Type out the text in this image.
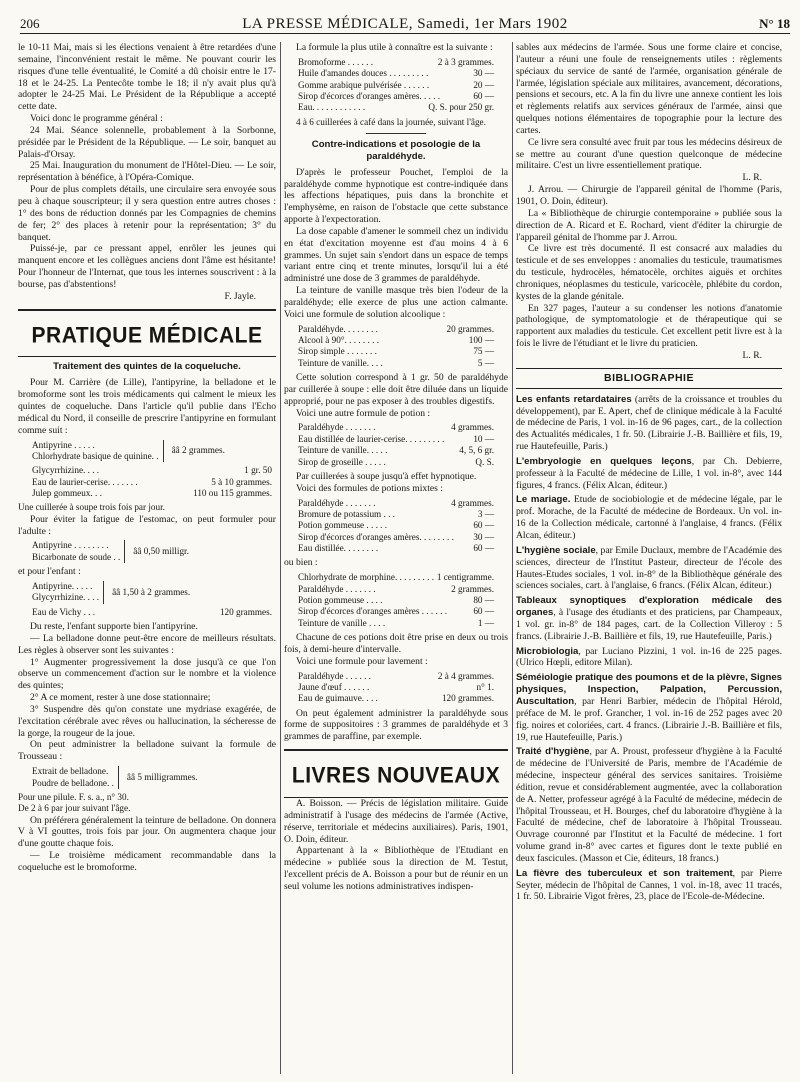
206	LA PRESSE MÉDICALE, Samedi, 1er Mars 1902	N° 18

le 10-11 Mai, mais si les élections venaient à être retardées d'une semaine, l'inconvénient restait le même. Ne pouvant courir les risques d'une telle éventualité, le Comité a dû choisir entre le 17-18 et le 24-25. La Pentecôte tombe le 18; il n'y avait plus qu'à adopter le 24-25 Mai. Le Président de la République a accepté cette date.

Voici donc le programme général :

24 Mai. Séance solennelle, probablement à la Sorbonne, présidée par le Président de la République. — Le soir, banquet au Palais-d'Orsay.

25 Mai. Inauguration du monument de l'Hôtel-Dieu. — Le soir, représentation à bénéfice, à l'Opéra-Comique.

Pour de plus complets détails, une circulaire sera envoyée sous peu à chaque souscripteur; il y sera question entre autres choses : 1° des bons de réduction donnés par les Compagnies de chemins de fer; 2° des places à retenir pour la représentation; 3° du banquet.

Puissé-je, par ce pressant appel, enrôler les jeunes qui manquent encore et les collègues anciens dont l'âme est hésitante! Pour l'honneur de l'Internat, que tous les internes souscrivent : à la bourse, pas d'abstentions!

F. Jayle.

PRATIQUE MÉDICALE
Traitement des quintes de la coqueluche.

Pour M. Carrière (de Lille), l'antipyrine, la belladone et le bromoforme sont les trois médicaments qui calment le mieux les quintes de coqueluche. Dans l'article qu'il publie dans l'Echo médical du Nord, il conseille de prescrire l'antipyrine en formulant comme suit :

Antipyrine . . . . .
Chlorhydrate basique de quinine. .
ââ 2 grammes.
Glycyrrhizine. . . .	1 gr. 50
Eau de laurier-cerise. . . . . . .	5 à 10 grammes.
Julep gommeux. . .	110 ou 115 grammes.

Une cuillerée à soupe trois fois par jour.

Pour éviter la fatigue de l'estomac, on peut formuler pour l'adulte :

Antipyrine . . . . . . . .
Bicarbonate de soude . .
ââ 0,50 milligr.

et pour l'enfant :

Antipyrine. . . . .
Glycyrrhizine. . . .
ââ 1,50 à 2 grammes.
Eau de Vichy . . .	120 grammes.

Du reste, l'enfant supporte bien l'antipyrine.

— La belladone donne peut-être encore de meilleurs résultats. Les règles à observer sont les suivantes :

1° Augmenter progressivement la dose jusqu'à ce que l'on observe un commencement d'action sur le nombre et la violence des quintes;

2° A ce moment, rester à une dose stationnaire;

3° Suspendre dès qu'on constate une mydriase exagérée, de l'excitation cérébrale avec rêves ou hallucination, la sécheresse de la gorge, la rougeur de la joue.

On peut administrer la belladone suivant la formule de Trousseau :

Extrait de belladone.
Poudre de belladone. .
ââ 5 milligrammes.

Pour une pilule. F. s. a., n° 30.

De 2 à 6 par jour suivant l'âge.

On préférera généralement la teinture de belladone. On donnera V à VI gouttes, trois fois par jour. On augmentera chaque jour d'une goutte chaque fois.

— Le troisième médicament recommandable dans la coqueluche est le bromoforme.

La formule la plus utile à connaître est la suivante :

Bromoforme . . . . . .	2 à 3 grammes.
Huile d'amandes douces . . . . . . . . .	30 —
Gomme arabique pulvérisée . . . . . .	20 —
Sirop d'écorces d'oranges amères. . . . .	60 —
Eau. . . . . . . . . . . .	Q. S. pour 250 gr.

4 à 6 cuillerées à café dans la journée, suivant l'âge.

Contre-indications et posologie de la paraldéhyde.

D'après le professeur Pouchet, l'emploi de la paraldéhyde comme hypnotique est contre-indiquée dans les affections hépatiques, puis dans la bronchite et l'emphysème, en raison de l'obstacle que cette substance apporte à l'expectoration.

La dose capable d'amener le sommeil chez un individu en état d'excitation moyenne est d'au moins 4 à 6 grammes. Un sujet sain s'endort dans un espace de temps variant entre cinq et trente minutes, lorsqu'il lui a été administré une dose de 3 grammes de paraldéhyde.

La teinture de vanille masque très bien l'odeur de la paraldéhyde; elle exerce de plus une action calmante. Voici une formule de solution alcoolique :

Paraldéhyde. . . . . . . .	20 grammes.
Alcool à 90°. . . . . . . .	100 —
Sirop simple . . . . . . .	75 —
Teinture de vanille. . . .	5 —

Cette solution correspond à 1 gr. 50 de paraldéhyde par cuillerée à soupe : elle doit être diluée dans un liquide approprié, pour ne pas exposer à des troubles digestifs.

Voici une autre formule de potion :

Paraldéhyde . . . . . . .	4 grammes.
Eau distillée de laurier-cerise. . . . . . . . .	10 —
Teinture de vanille. . . . .	4, 5, 6 gr.
Sirop de groseille . . . . .	Q. S.

Par cuillerées à soupe jusqu'à effet hypnotique.

Voici des formules de potions mixtes :

Paraldéhyde . . . . . . .	4 grammes.
Bromure de potassium . . .	3 —
Potion gommeuse . . . . .	60 —
Sirop d'écorces d'oranges amères. . . . . . . . 30 —
Eau distillée. . . . . . . .	60 —

ou bien :

Chlorhydrate de morphine. . . . . . . . . 1 centigramme.
Paraldéhyde . . . . . . .	2 grammes.
Potion gommeuse . . . .	80 —
Sirop d'écorces d'oranges amères . . . . . .	60 —
Teinture de vanille . . . .	1 —

Chacune de ces potions doit être prise en deux ou trois fois, à demi-heure d'intervalle.

Voici une formule pour lavement :

Paraldéhyde . . . . . .	2 à 4 grammes.
Jaune d'œuf . . . . . .	n° 1.
Eau de guimauve. . . .	120 grammes.

On peut également administrer la paraldéhyde sous forme de suppositoires : 3 grammes de paraldéhyde et 3 grammes de paraffine, par exemple.

LIVRES NOUVEAUX

A. Boisson. — Précis de législation militaire. Guide administratif à l'usage des médecins de l'armée (Active, réserve, territoriale et médecins auxiliaires). Paris, 1901, O. Doin, éditeur.

Appartenant à la « Bibliothèque de l'Etudiant en médecine » publiée sous la direction de M. Testut, l'excellent précis de A. Boisson a pour but de réunir en un seul volume les notions administratives indispen-

sables aux médecins de l'armée. Sous une forme claire et concise, l'auteur a réuni une foule de renseignements utiles : règlements spéciaux du service de santé de l'armée, organisation générale de l'armée, législation spéciale aux militaires, avancement, décorations, pensions et secours, etc. A la fin du livre une annexe contient les lois et règlements relatifs aux services généraux de l'armée, ainsi que quelques notions élémentaires de topographie pour la lecture des cartes.

Ce livre sera consulté avec fruit par tous les médecins désireux de se mettre au courant d'une question quelconque de médecine militaire. C'est un livre essentiellement pratique.

L. R.

J. Arrou. — Chirurgie de l'appareil génital de l'homme (Paris, 1901, O. Doin, éditeur).

La « Bibliothèque de chirurgie contemporaine » publiée sous la direction de A. Ricard et E. Rochard, vient d'éditer la chirurgie de l'appareil génital de l'homme par J. Arrou.

Ce livre est très documenté. Il est consacré aux maladies du testicule et de ses enveloppes : anomalies du testicule, traumatismes du testicule, hydrocèles, hématocèle, orchites aiguës et orchites chroniques, néoplasmes du testicule, varicocèle, phlébite du cordon, kystes de la glande génitale.

En 327 pages, l'auteur a su condenser les notions d'anatomie pathologique, de symptomatologie et de thérapeutique qui se rapportent aux maladies du testicule. Cet excellent petit livre est à la fois le livre de l'étudiant et le livre du praticien.

L. R.

BIBLIOGRAPHIE

Les enfants retardataires (arrêts de la croissance et troubles du développement), par E. Apert, chef de clinique médicale à la Faculté de médecine de Paris, 1 vol. in-16 de 96 pages, cart., de la collection des Actualités médicales, 1 fr. 50. (Librairie J.-B. Baillière et fils, 19, rue Hautefeuille, Paris.)

L'embryologie en quelques leçons, par Ch. Debierre, professeur à la Faculté de médecine de Lille, 1 vol. in-8°, avec 144 figures, 4 francs. (Félix Alcan, éditeur.)

Le mariage. Etude de sociobiologie et de médecine légale, par le prof. Morache, de la Faculté de médecine de Bordeaux. Un vol. in-16 de la Collection médicale, cartonné à l'anglaise, 4 francs. (Félix Alcan, éditeur.)

L'hygiène sociale, par Emile Duclaux, membre de l'Académie des sciences, directeur de l'Institut Pasteur, directeur de l'école des Hautes-Etudes sociales, 1 vol. in-8° de la Bibliothèque générale des sciences sociales, cart. à l'anglaise, 6 francs. (Félix Alcan, éditeur.)

Tableaux synoptiques d'exploration médicale des organes, à l'usage des étudiants et des praticiens, par Champeaux, 1 vol. gr. in-8° de 184 pages, cart. de la Collection Villeroy : 5 francs. (Librairie J.-B. Baillière et fils, 19, rue Hautefeuille, Paris.)

Microbiologia, par Luciano Pizzini, 1 vol. in-16 de 225 pages. (Ulrico Hœpli, editore Milan).

Séméiologie pratique des poumons et de la plèvre, Signes physiques, Inspection, Palpation, Percussion, Auscultation, par Henri Barbier, médecin de l'hôpital Hérold, préface de M. le prof. Grancher, 1 vol. in-16 de 252 pages avec 20 fig. noires et coloriées, cart. 4 francs. (Librairie J.-B. Baillière et fils, 19, rue Hautefeuille, Paris.)

Traité d'hygiène, par A. Proust, professeur d'hygiène à la Faculté de médecine de l'Université de Paris, membre de l'Académie de médecine, inspecteur général des services sanitaires. Troisième édition, revue et considérablement augmentée, avec la collaboration de A. Netter, professeur agrégé à la Faculté de médecine, médecin de l'hôpital Trousseau, et H. Bourges, chef du laboratoire d'hygiène à la Faculté de médecine, chef de laboratoire à l'hôpital Trousseau. Ouvrage couronné par l'Institut et la Faculté de médecine. 1 fort volume grand in-8° avec cartes et figures dont le texte publié en deux fascicules. (Masson et Cie, éditeurs, 18 francs.)

La fièvre des tuberculeux et son traitement, par Pierre Seyter, médecin de l'hôpital de Cannes, 1 vol. in-18, avec 11 tracés, 1 fr. 50. Librairie Vigot frères, 23, place de l'Ecole-de-Médecine.
